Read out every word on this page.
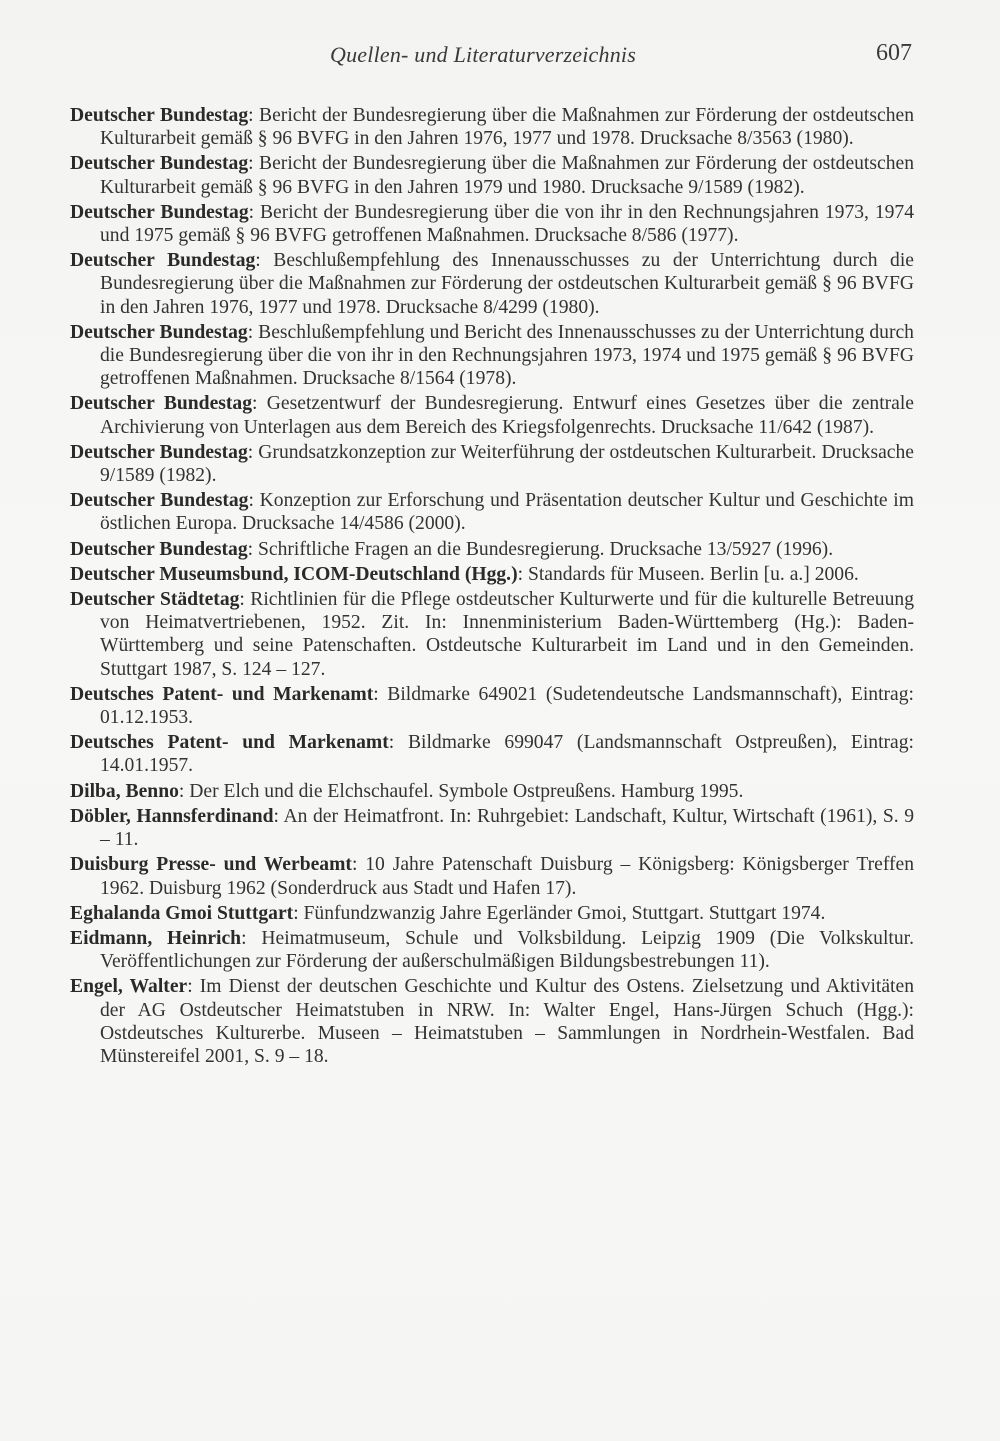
Quellen- und Literaturverzeichnis	607

Deutscher Bundestag: Bericht der Bundesregierung über die Maßnahmen zur Förderung der ostdeutschen Kulturarbeit gemäß § 96 BVFG in den Jahren 1976, 1977 und 1978. Drucksache 8/3563 (1980).

Deutscher Bundestag: Bericht der Bundesregierung über die Maßnahmen zur Förderung der ostdeutschen Kulturarbeit gemäß § 96 BVFG in den Jahren 1979 und 1980. Drucksache 9/1589 (1982).

Deutscher Bundestag: Bericht der Bundesregierung über die von ihr in den Rechnungsjahren 1973, 1974 und 1975 gemäß § 96 BVFG getroffenen Maßnahmen. Drucksache 8/586 (1977).

Deutscher Bundestag: Beschlußempfehlung des Innenausschusses zu der Unterrichtung durch die Bundesregierung über die Maßnahmen zur Förderung der ostdeutschen Kulturarbeit gemäß § 96 BVFG in den Jahren 1976, 1977 und 1978. Drucksache 8/4299 (1980).

Deutscher Bundestag: Beschlußempfehlung und Bericht des Innenausschusses zu der Unterrichtung durch die Bundesregierung über die von ihr in den Rechnungsjahren 1973, 1974 und 1975 gemäß § 96 BVFG getroffenen Maßnahmen. Drucksache 8/1564 (1978).

Deutscher Bundestag: Gesetzentwurf der Bundesregierung. Entwurf eines Gesetzes über die zentrale Archivierung von Unterlagen aus dem Bereich des Kriegsfolgenrechts. Drucksache 11/642 (1987).

Deutscher Bundestag: Grundsatzkonzeption zur Weiterführung der ostdeutschen Kulturarbeit. Drucksache 9/1589 (1982).

Deutscher Bundestag: Konzeption zur Erforschung und Präsentation deutscher Kultur und Geschichte im östlichen Europa. Drucksache 14/4586 (2000).

Deutscher Bundestag: Schriftliche Fragen an die Bundesregierung. Drucksache 13/5927 (1996).

Deutscher Museumsbund, ICOM-Deutschland (Hgg.): Standards für Museen. Berlin [u. a.] 2006.

Deutscher Städtetag: Richtlinien für die Pflege ostdeutscher Kulturwerte und für die kulturelle Betreuung von Heimatvertriebenen, 1952. Zit. In: Innenministerium Baden-Württemberg (Hg.): Baden-Württemberg und seine Patenschaften. Ostdeutsche Kulturarbeit im Land und in den Gemeinden. Stuttgart 1987, S. 124 – 127.

Deutsches Patent- und Markenamt: Bildmarke 649021 (Sudetendeutsche Landsmannschaft), Eintrag: 01.12.1953.

Deutsches Patent- und Markenamt: Bildmarke 699047 (Landsmannschaft Ostpreußen), Eintrag: 14.01.1957.

Dilba, Benno: Der Elch und die Elchschaufel. Symbole Ostpreußens. Hamburg 1995.

Döbler, Hannsferdinand: An der Heimatfront. In: Ruhrgebiet: Landschaft, Kultur, Wirtschaft (1961), S. 9 – 11.

Duisburg Presse- und Werbeamt: 10 Jahre Patenschaft Duisburg – Königsberg: Königsberger Treffen 1962. Duisburg 1962 (Sonderdruck aus Stadt und Hafen 17).

Eghalanda Gmoi Stuttgart: Fünfundzwanzig Jahre Egerländer Gmoi, Stuttgart. Stuttgart 1974.

Eidmann, Heinrich: Heimatmuseum, Schule und Volksbildung. Leipzig 1909 (Die Volkskultur. Veröffentlichungen zur Förderung der außerschulmäßigen Bildungsbestrebungen 11).

Engel, Walter: Im Dienst der deutschen Geschichte und Kultur des Ostens. Zielsetzung und Aktivitäten der AG Ostdeutscher Heimatstuben in NRW. In: Walter Engel, Hans-Jürgen Schuch (Hgg.): Ostdeutsches Kulturerbe. Museen – Heimatstuben – Sammlungen in Nordrhein-Westfalen. Bad Münstereifel 2001, S. 9 – 18.
